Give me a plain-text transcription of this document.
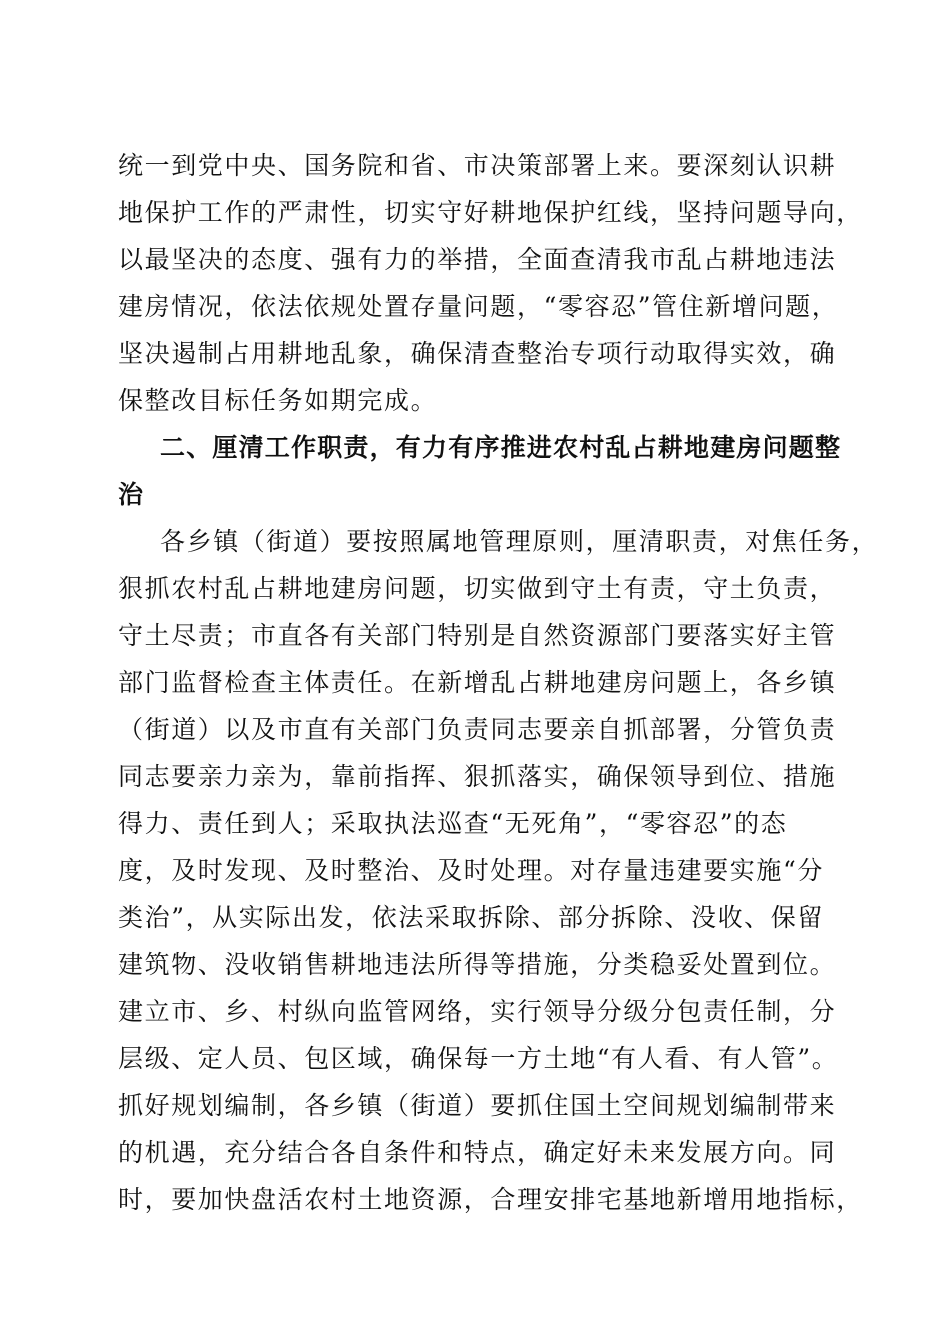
统一到党中央、国务院和省、市决策部署上来。要深刻认识耕
地保护工作的严肃性，切实守好耕地保护红线，坚持问题导向，
以最坚决的态度、强有力的举措，全面查清我市乱占耕地违法
建房情况，依法依规处置存量问题，“零容忍”管住新增问题，
坚决遏制占用耕地乱象，确保清查整治专项行动取得实效，确
保整改目标任务如期完成。
二、厘清工作职责，有力有序推进农村乱占耕地建房问题整
治
各乡镇（街道）要按照属地管理原则，厘清职责，对焦任务，
狠抓农村乱占耕地建房问题，切实做到守土有责，守土负责，
守土尽责；市直各有关部门特别是自然资源部门要落实好主管
部门监督检查主体责任。在新增乱占耕地建房问题上，各乡镇
（街道）以及市直有关部门负责同志要亲自抓部署，分管负责
同志要亲力亲为，靠前指挥、狠抓落实，确保领导到位、措施
得力、责任到人；采取执法巡查“无死角”，“零容忍”的态
度，及时发现、及时整治、及时处理。对存量违建要实施“分
类治”，从实际出发，依法采取拆除、部分拆除、没收、保留
建筑物、没收销售耕地违法所得等措施，分类稳妥处置到位。
建立市、乡、村纵向监管网络，实行领导分级分包责任制，分
层级、定人员、包区域，确保每一方土地“有人看、有人管”。
抓好规划编制，各乡镇（街道）要抓住国土空间规划编制带来
的机遇，充分结合各自条件和特点，确定好未来发展方向。同
时，要加快盘活农村土地资源，合理安排宅基地新增用地指标，
